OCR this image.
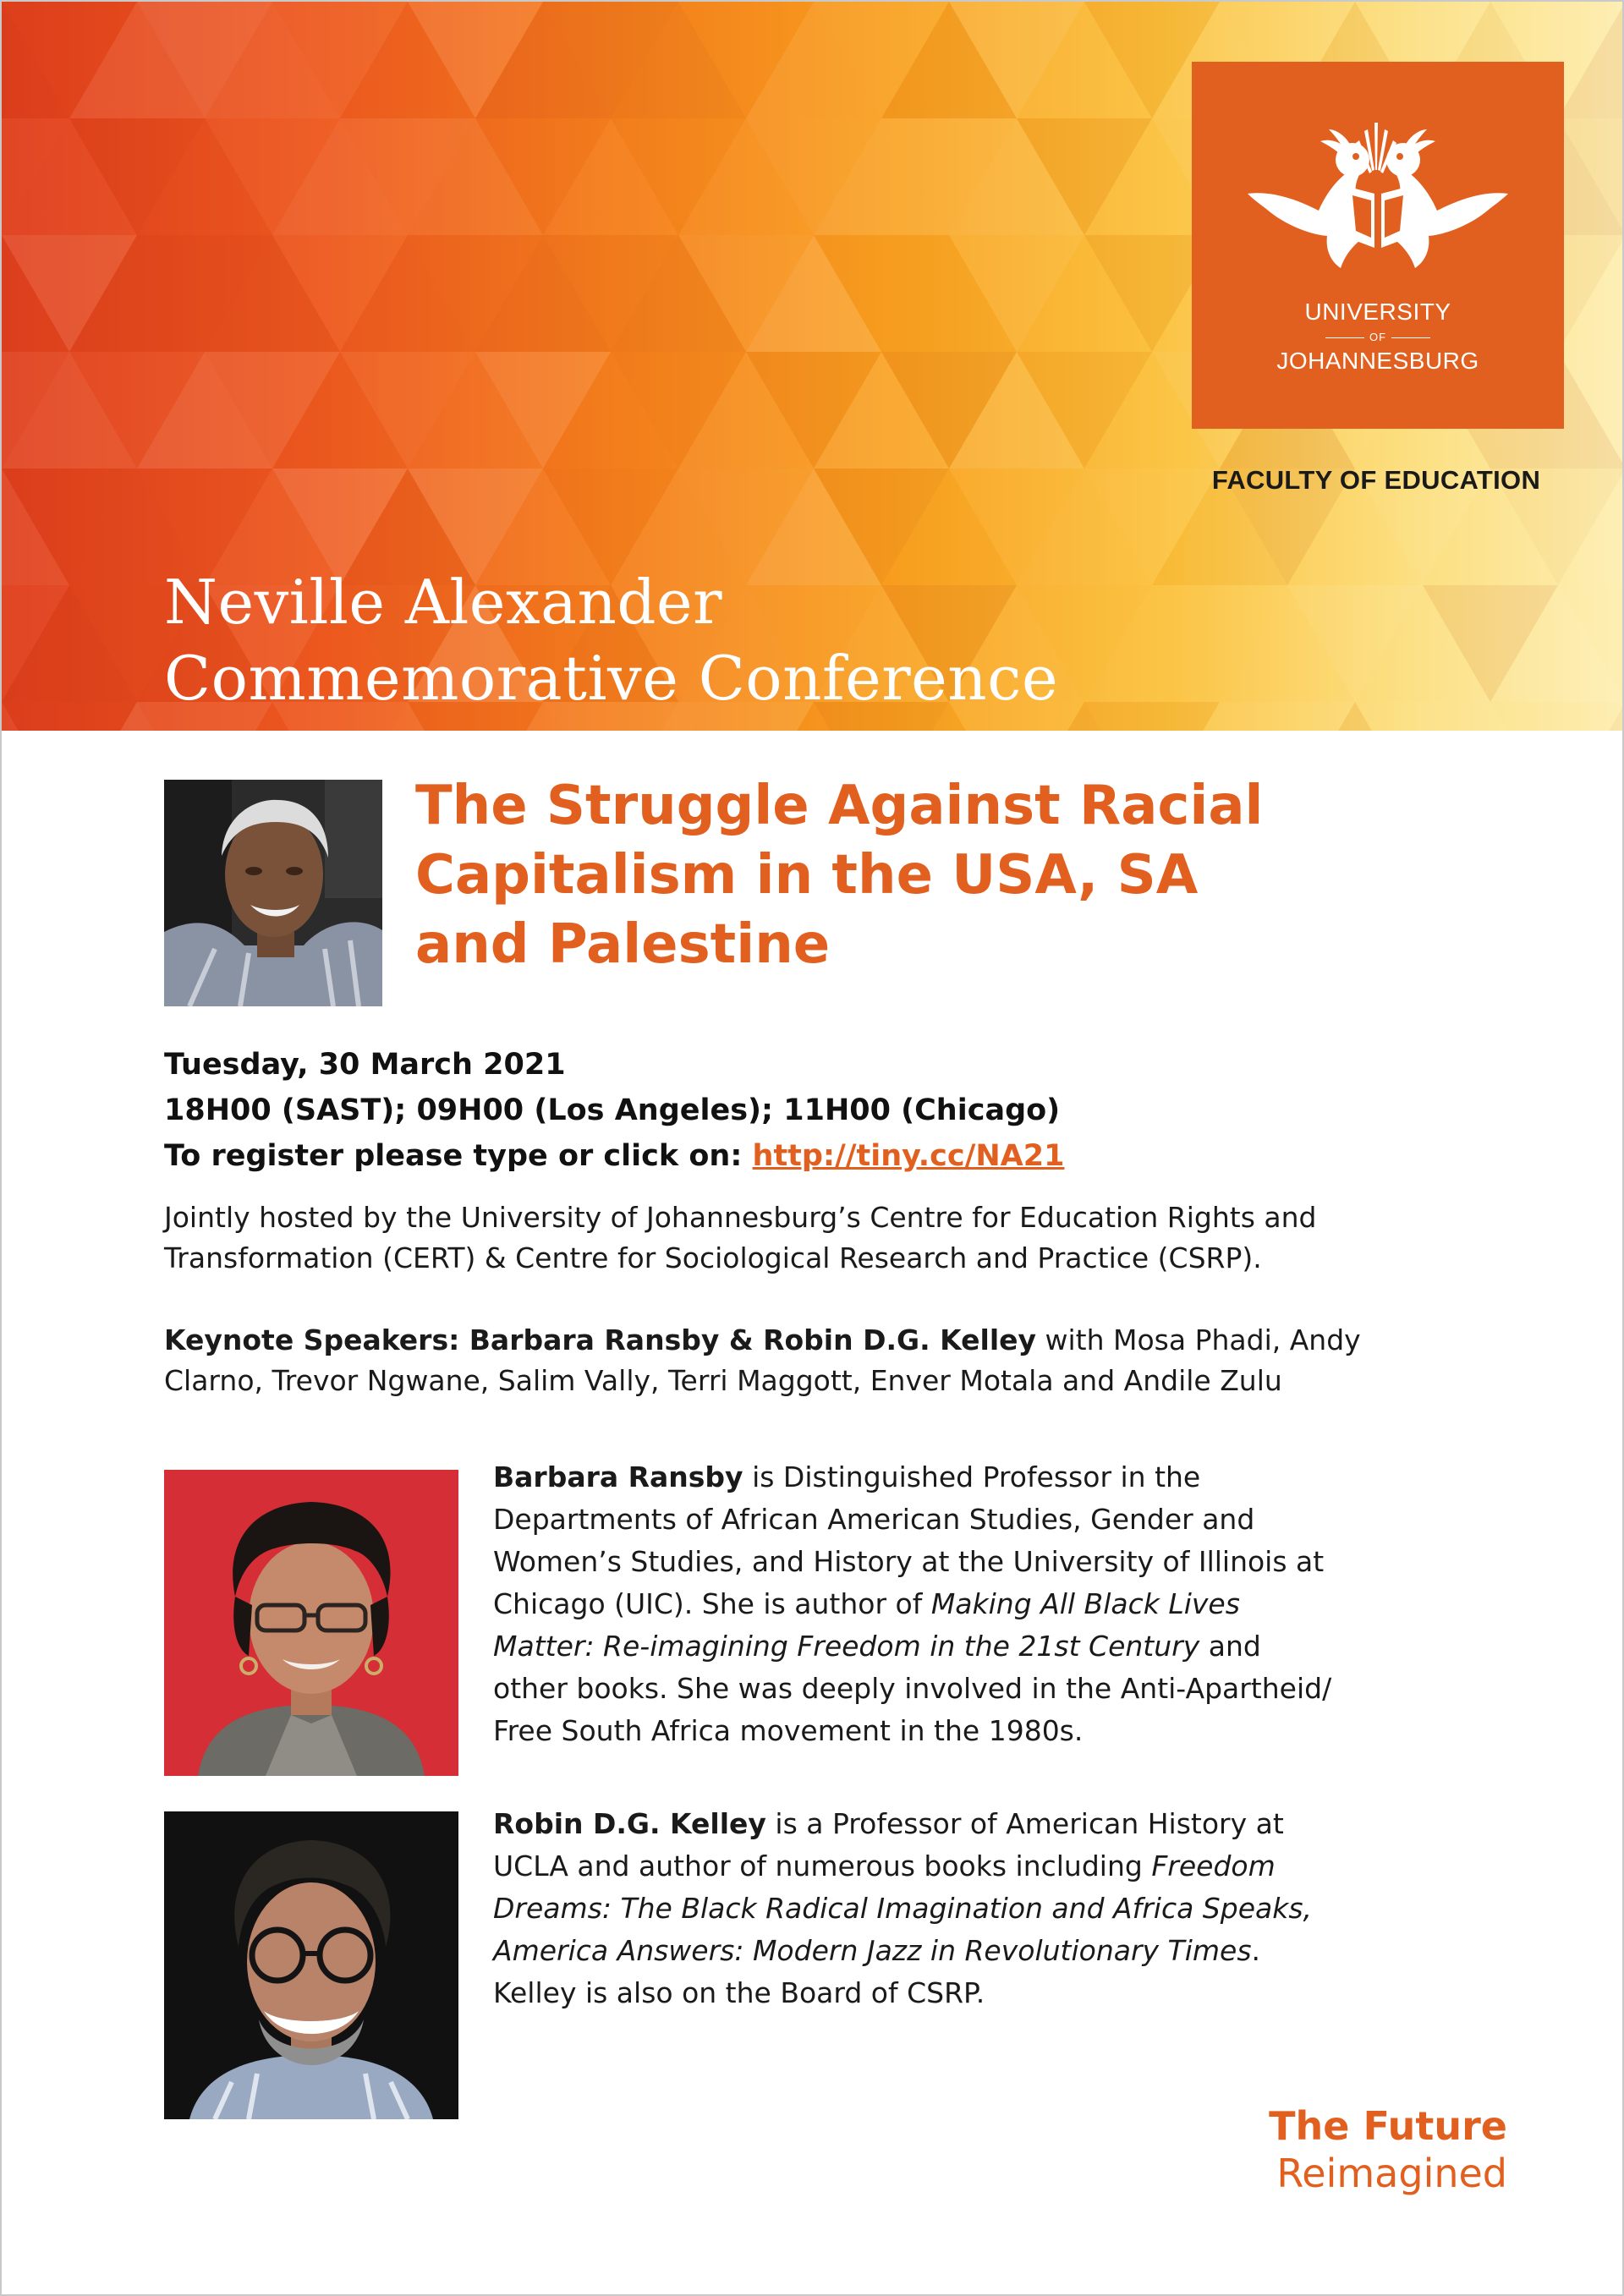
Neville Alexander
Commemorative Conference
UNIVERSITY
OF
JOHANNESBURG

FACULTY OF EDUCATION

The Struggle Against Racial
Capitalism in the USA, SA
and Palestine
Tuesday, 30 March 2021
18H00 (SAST); 09H00 (Los Angeles); 11H00 (Chicago)
To register please type or click on: http://tiny.cc/NA21

Jointly hosted by the University of Johannesburg’s Centre for Education Rights and Transformation (CERT) & Centre for Sociological Research and Practice (CSRP).

Keynote Speakers: Barbara Ransby & Robin D.G. Kelley with Mosa Phadi, Andy Clarno, Trevor Ngwane, Salim Vally, Terri Maggott, Enver Motala and Andile Zulu

Barbara Ransby is Distinguished Professor in the Departments of African American Studies, Gender and Women’s Studies, and History at the University of Illinois at Chicago (UIC). She is author of Making All Black Lives Matter: Re-imagining Freedom in the 21st Century and other books. She was deeply involved in the Anti-Apartheid/ Free South Africa movement in the 1980s.

Robin D.G. Kelley is a Professor of American History at UCLA and author of numerous books including Freedom Dreams: The Black Radical Imagination and Africa Speaks, America Answers: Modern Jazz in Revolutionary Times. Kelley is also on the Board of CSRP.

The Future
Reimagined
